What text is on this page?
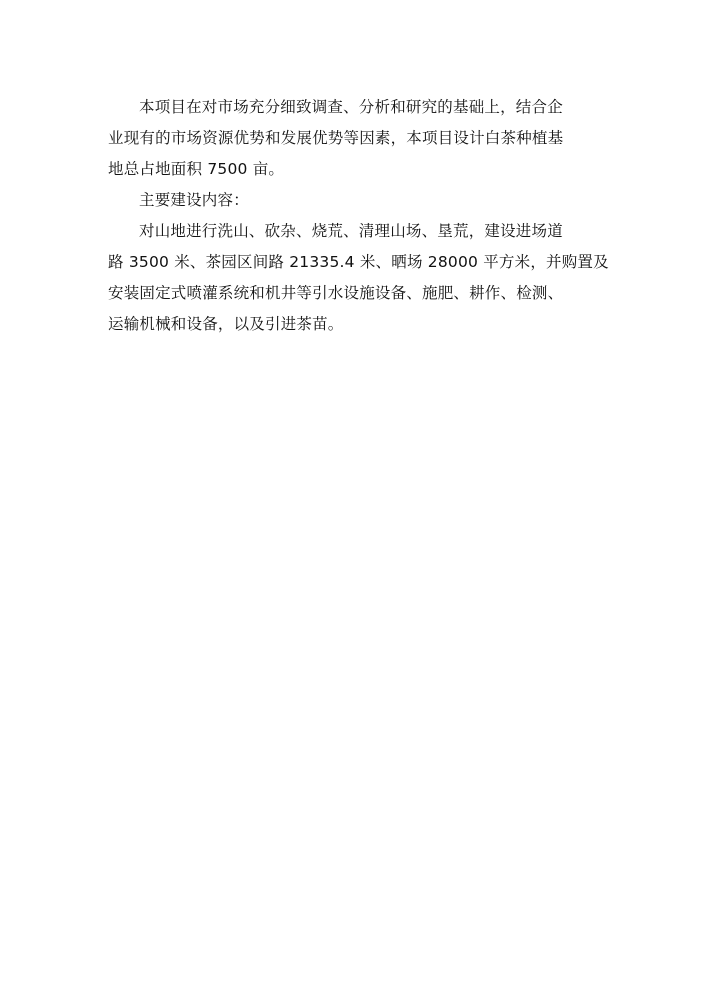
本项目在对市场充分细致调查、分析和研究的基础上，结合企
业现有的市场资源优势和发展优势等因素，本项目设计白茶种植基
地总占地面积 7500 亩。

主要建设内容：

对山地进行洗山、砍杂、烧荒、清理山场、垦荒，建设进场道
路 3500 米、茶园区间路 21335.4 米、晒场 28000 平方米，并购置及
安装固定式喷灌系统和机井等引水设施设备、施肥、耕作、检测、
运输机械和设备，以及引进茶苗。
